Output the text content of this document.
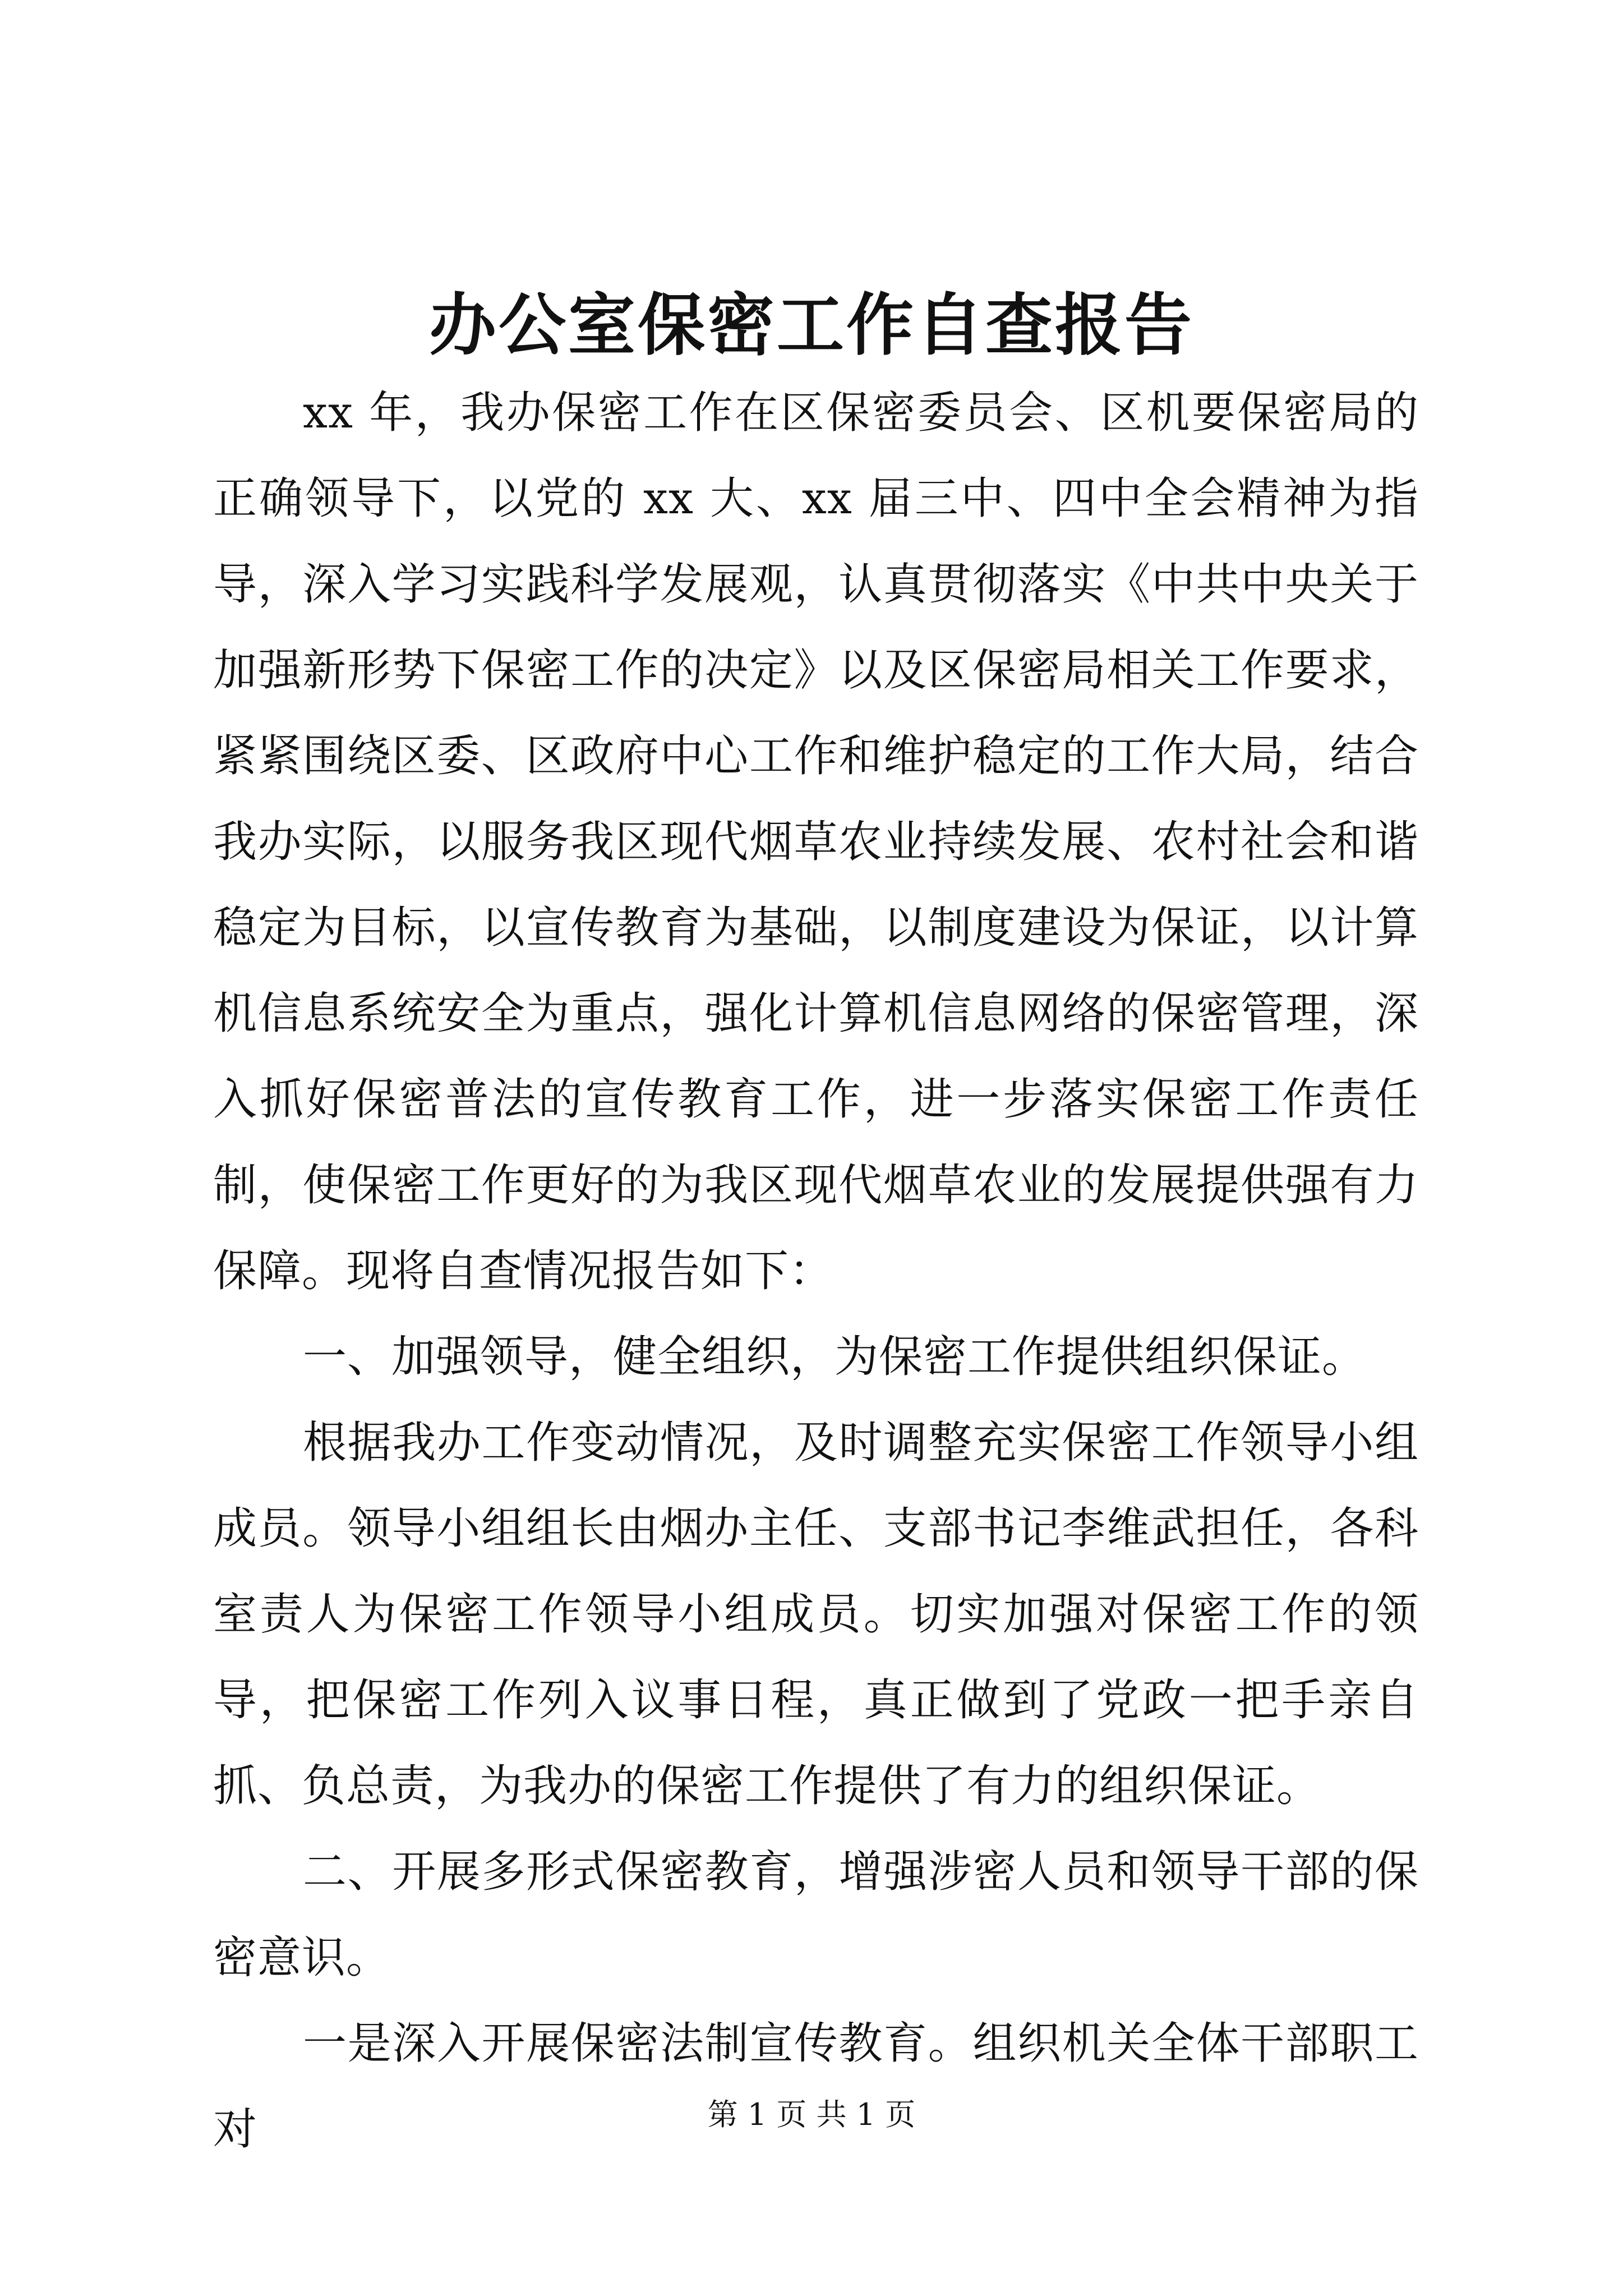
办公室保密工作自查报告

xx 年，我办保密工作在区保密委员会、区机要保密局的正确领导下，以党的 xx 大、xx 届三中、四中全会精神为指导，深入学习实践科学发展观，认真贯彻落实《中共中央关于加强新形势下保密工作的决定》以及区保密局相关工作要求，紧紧围绕区委、区政府中心工作和维护稳定的工作大局，结合我办实际，以服务我区现代烟草农业持续发展、农村社会和谐稳定为目标，以宣传教育为基础，以制度建设为保证，以计算机信息系统安全为重点，强化计算机信息网络的保密管理，深入抓好保密普法的宣传教育工作，进一步落实保密工作责任制，使保密工作更好的为我区现代烟草农业的发展提供强有力保障。现将自查情况报告如下：

一、加强领导，健全组织，为保密工作提供组织保证。

根据我办工作变动情况，及时调整充实保密工作领导小组成员。领导小组组长由烟办主任、支部书记李维武担任，各科室责人为保密工作领导小组成员。切实加强对保密工作的领导，把保密工作列入议事日程，真正做到了党政一把手亲自抓、负总责，为我办的保密工作提供了有力的组织保证。

二、开展多形式保密教育，增强涉密人员和领导干部的保密意识。

一是深入开展保密法制宣传教育。组织机关全体干部职工对	第 1 页 共 1 页
